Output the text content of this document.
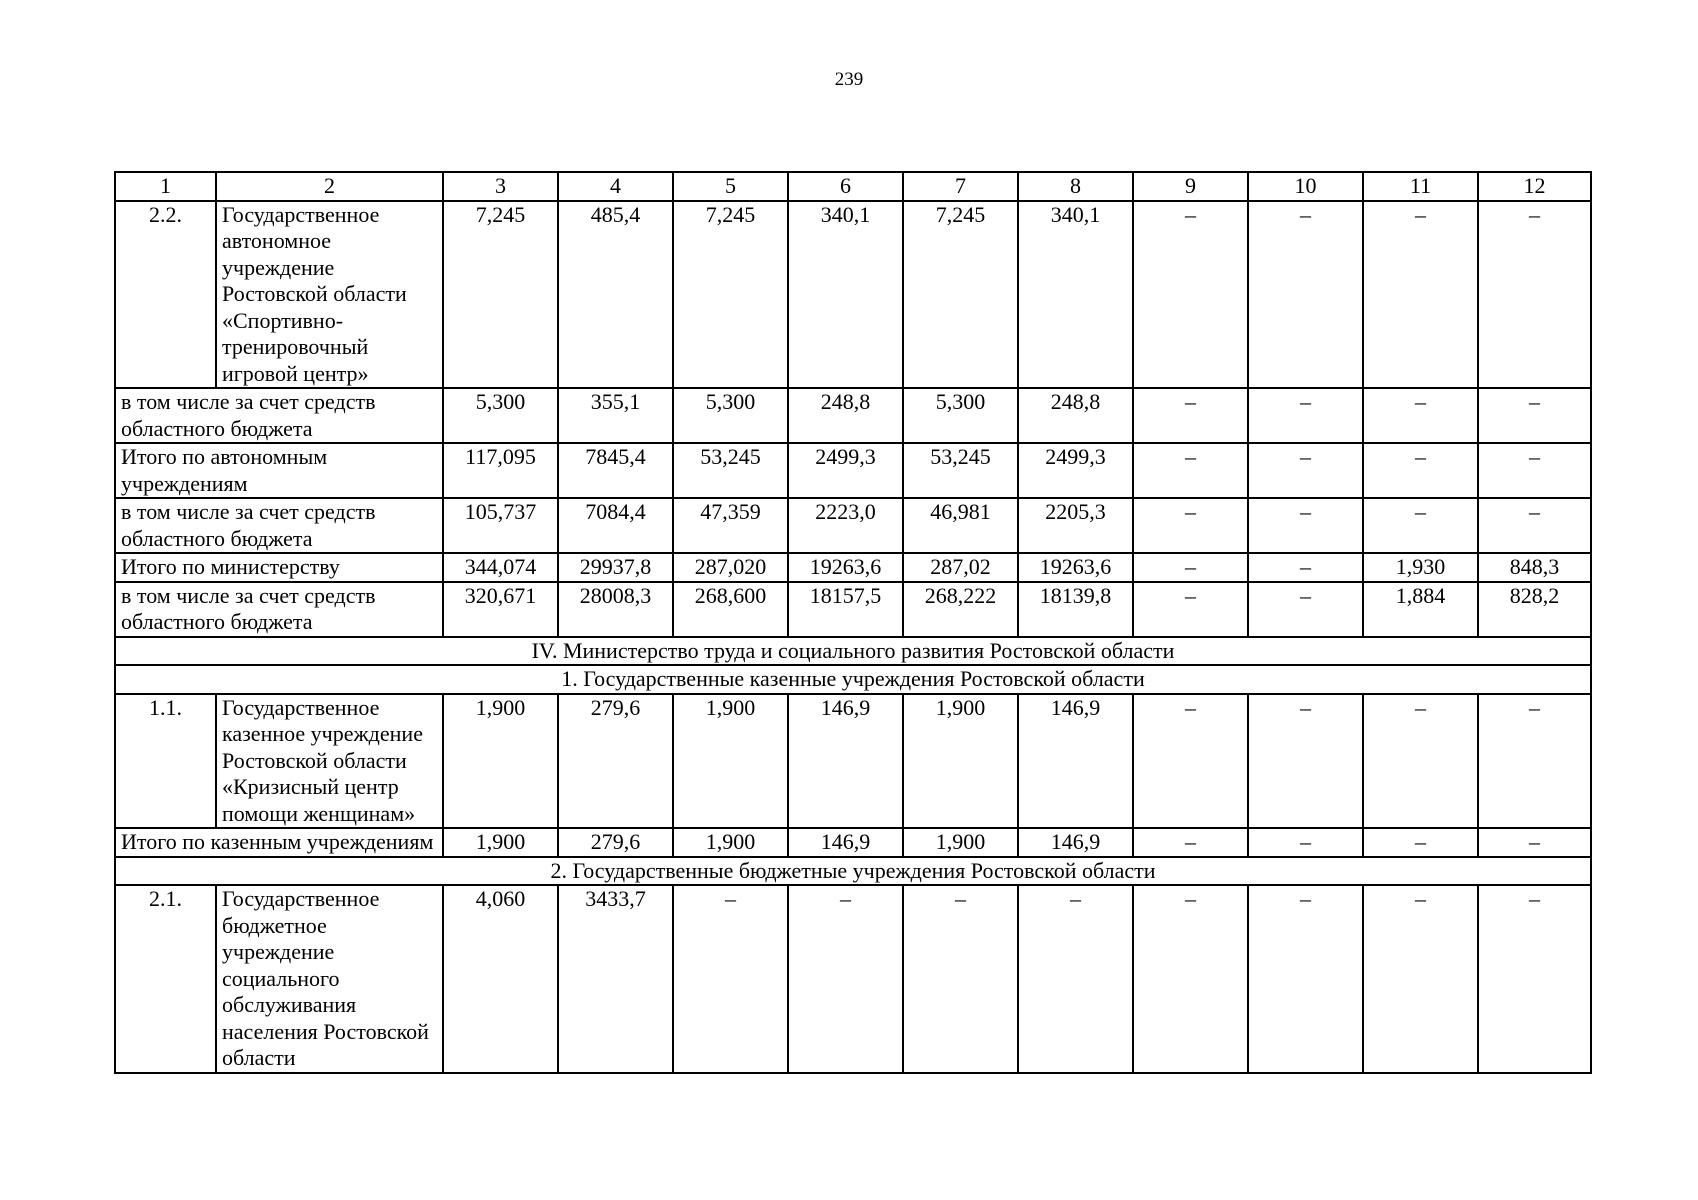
239
1	2	3	4	5	6	7	8	9	10	11	12
2.2.	Государственное автономное учреждение Ростовской области «Спортивно-тренировочный игровой центр»	7,245	485,4	7,245	340,1	7,245	340,1	–	–	–	–
в том числе за счет средств областного бюджета		5,300	355,1	5,300	248,8	5,300	248,8	–	–	–	–
Итого по автономным учреждениям		117,095	7845,4	53,245	2499,3	53,245	2499,3	–	–	–	–
в том числе за счет средств областного бюджета		105,737	7084,4	47,359	2223,0	46,981	2205,3	–	–	–	–
Итого по министерству		344,074	29937,8	287,020	19263,6	287,02	19263,6	–	–	1,930	848,3
в том числе за счет средств областного бюджета		320,671	28008,3	268,600	18157,5	268,222	18139,8	–	–	1,884	828,2
IV. Министерство труда и социального развития Ростовской области											
1. Государственные казенные учреждения Ростовской области											
1.1.	Государственное казенное учреждение Ростовской области «Кризисный центр помощи женщинам»	1,900	279,6	1,900	146,9	1,900	146,9	–	–	–	–
Итого по казенным учреждениям		1,900	279,6	1,900	146,9	1,900	146,9	–	–	–	–
2. Государственные бюджетные учреждения Ростовской области											
2.1.	Государственное бюджетное учреждение социального обслуживания населения Ростовской области	4,060	3433,7	–	–	–	–	–	–	–	–
